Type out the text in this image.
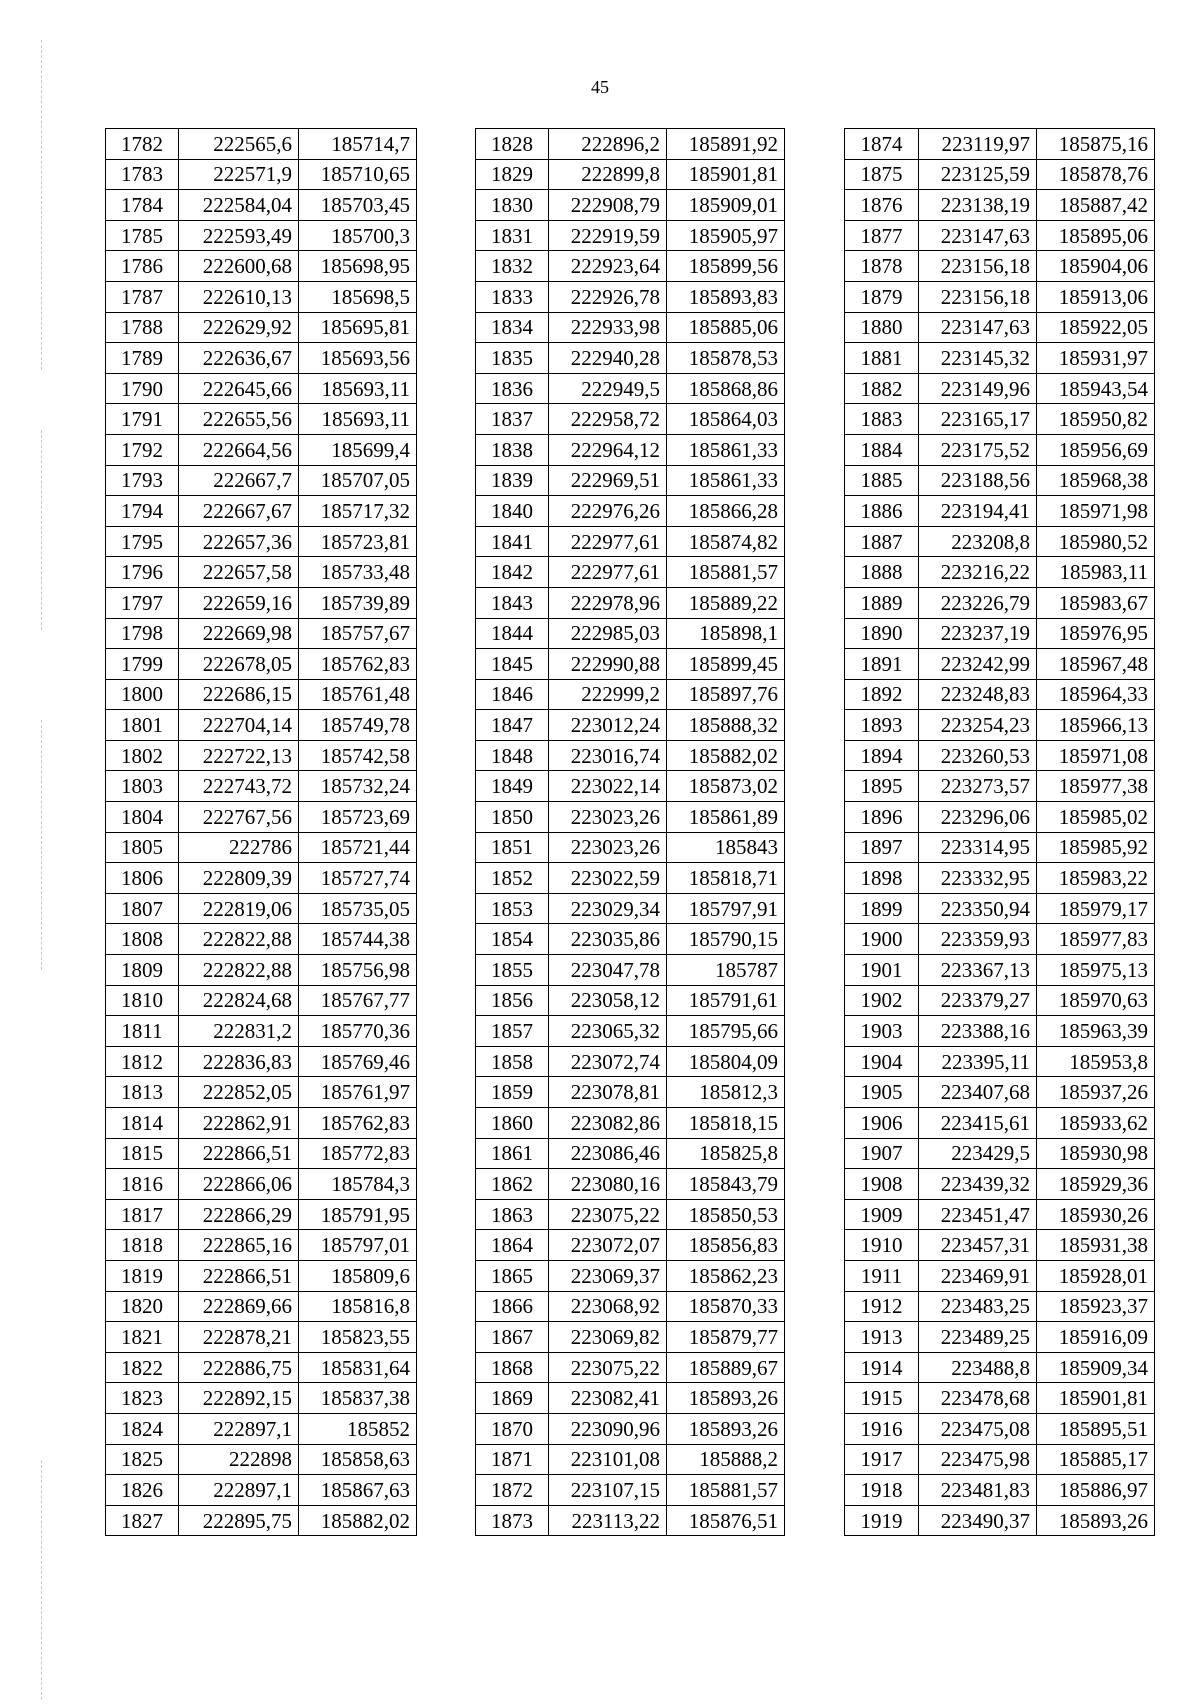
45
1782	222565,6	185714,7
1783	222571,9	185710,65
1784	222584,04	185703,45
1785	222593,49	185700,3
1786	222600,68	185698,95
1787	222610,13	185698,5
1788	222629,92	185695,81
1789	222636,67	185693,56
1790	222645,66	185693,11
1791	222655,56	185693,11
1792	222664,56	185699,4
1793	222667,7	185707,05
1794	222667,67	185717,32
1795	222657,36	185723,81
1796	222657,58	185733,48
1797	222659,16	185739,89
1798	222669,98	185757,67
1799	222678,05	185762,83
1800	222686,15	185761,48
1801	222704,14	185749,78
1802	222722,13	185742,58
1803	222743,72	185732,24
1804	222767,56	185723,69
1805	222786	185721,44
1806	222809,39	185727,74
1807	222819,06	185735,05
1808	222822,88	185744,38
1809	222822,88	185756,98
1810	222824,68	185767,77
1811	222831,2	185770,36
1812	222836,83	185769,46
1813	222852,05	185761,97
1814	222862,91	185762,83
1815	222866,51	185772,83
1816	222866,06	185784,3
1817	222866,29	185791,95
1818	222865,16	185797,01
1819	222866,51	185809,6
1820	222869,66	185816,8
1821	222878,21	185823,55
1822	222886,75	185831,64
1823	222892,15	185837,38
1824	222897,1	185852
1825	222898	185858,63
1826	222897,1	185867,63
1827	222895,75	185882,02
1828	222896,2	185891,92
1829	222899,8	185901,81
1830	222908,79	185909,01
1831	222919,59	185905,97
1832	222923,64	185899,56
1833	222926,78	185893,83
1834	222933,98	185885,06
1835	222940,28	185878,53
1836	222949,5	185868,86
1837	222958,72	185864,03
1838	222964,12	185861,33
1839	222969,51	185861,33
1840	222976,26	185866,28
1841	222977,61	185874,82
1842	222977,61	185881,57
1843	222978,96	185889,22
1844	222985,03	185898,1
1845	222990,88	185899,45
1846	222999,2	185897,76
1847	223012,24	185888,32
1848	223016,74	185882,02
1849	223022,14	185873,02
1850	223023,26	185861,89
1851	223023,26	185843
1852	223022,59	185818,71
1853	223029,34	185797,91
1854	223035,86	185790,15
1855	223047,78	185787
1856	223058,12	185791,61
1857	223065,32	185795,66
1858	223072,74	185804,09
1859	223078,81	185812,3
1860	223082,86	185818,15
1861	223086,46	185825,8
1862	223080,16	185843,79
1863	223075,22	185850,53
1864	223072,07	185856,83
1865	223069,37	185862,23
1866	223068,92	185870,33
1867	223069,82	185879,77
1868	223075,22	185889,67
1869	223082,41	185893,26
1870	223090,96	185893,26
1871	223101,08	185888,2
1872	223107,15	185881,57
1873	223113,22	185876,51
1874	223119,97	185875,16
1875	223125,59	185878,76
1876	223138,19	185887,42
1877	223147,63	185895,06
1878	223156,18	185904,06
1879	223156,18	185913,06
1880	223147,63	185922,05
1881	223145,32	185931,97
1882	223149,96	185943,54
1883	223165,17	185950,82
1884	223175,52	185956,69
1885	223188,56	185968,38
1886	223194,41	185971,98
1887	223208,8	185980,52
1888	223216,22	185983,11
1889	223226,79	185983,67
1890	223237,19	185976,95
1891	223242,99	185967,48
1892	223248,83	185964,33
1893	223254,23	185966,13
1894	223260,53	185971,08
1895	223273,57	185977,38
1896	223296,06	185985,02
1897	223314,95	185985,92
1898	223332,95	185983,22
1899	223350,94	185979,17
1900	223359,93	185977,83
1901	223367,13	185975,13
1902	223379,27	185970,63
1903	223388,16	185963,39
1904	223395,11	185953,8
1905	223407,68	185937,26
1906	223415,61	185933,62
1907	223429,5	185930,98
1908	223439,32	185929,36
1909	223451,47	185930,26
1910	223457,31	185931,38
1911	223469,91	185928,01
1912	223483,25	185923,37
1913	223489,25	185916,09
1914	223488,8	185909,34
1915	223478,68	185901,81
1916	223475,08	185895,51
1917	223475,98	185885,17
1918	223481,83	185886,97
1919	223490,37	185893,26
